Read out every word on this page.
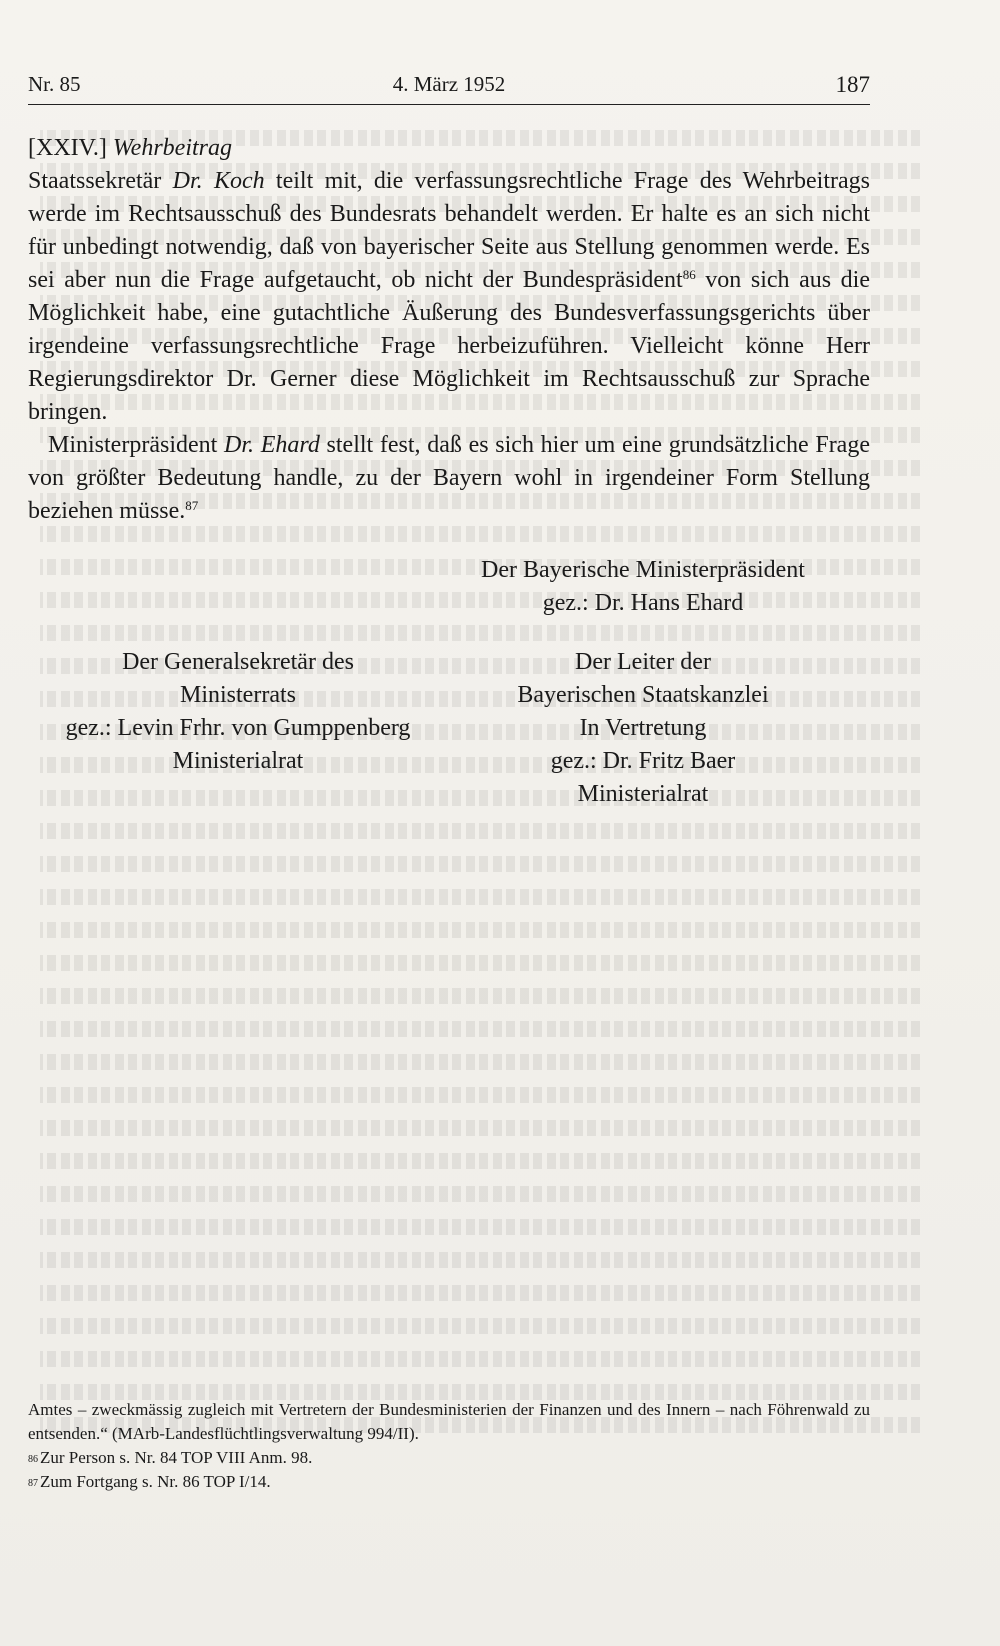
Nr. 85	4. März 1952	187

[XXIV.] Wehrbeitrag

Staatssekretär Dr. Koch teilt mit, die verfassungsrechtliche Frage des Wehrbeitrags werde im Rechtsausschuß des Bundesrats behandelt werden. Er halte es an sich nicht für unbedingt notwendig, daß von bayerischer Seite aus Stellung genommen werde. Es sei aber nun die Frage aufgetaucht, ob nicht der Bundespräsident$^{86}$ von sich aus die Möglichkeit habe, eine gutachtliche Äußerung des Bundesverfassungsgerichts über irgendeine verfassungsrechtliche Frage herbeizuführen. Vielleicht könne Herr Regierungsdirektor Dr. Gerner diese Möglichkeit im Rechtsausschuß zur Sprache bringen.

Ministerpräsident Dr. Ehard stellt fest, daß es sich hier um eine grundsätzliche Frage von größter Bedeutung handle, zu der Bayern wohl in irgendeiner Form Stellung beziehen müsse.$^{87}$

Der Bayerische Ministerpräsident
gez.: Dr. Hans Ehard
Der Generalsekretär des
Ministerrats
gez.: Levin Frhr. von Gumppenberg
Ministerialrat
Der Leiter der
Bayerischen Staatskanzlei
In Vertretung
gez.: Dr. Fritz Baer
Ministerialrat

Amtes – zweckmässig zugleich mit Vertretern der Bundesministerien der Finanzen und des Innern – nach Föhrenwald zu entsenden.“ (MArb-Landesflüchtlingsverwaltung 994/II).

$^{86}$ Zur Person s. Nr. 84 TOP VIII Anm. 98.

$^{87}$ Zum Fortgang s. Nr. 86 TOP I/14.
